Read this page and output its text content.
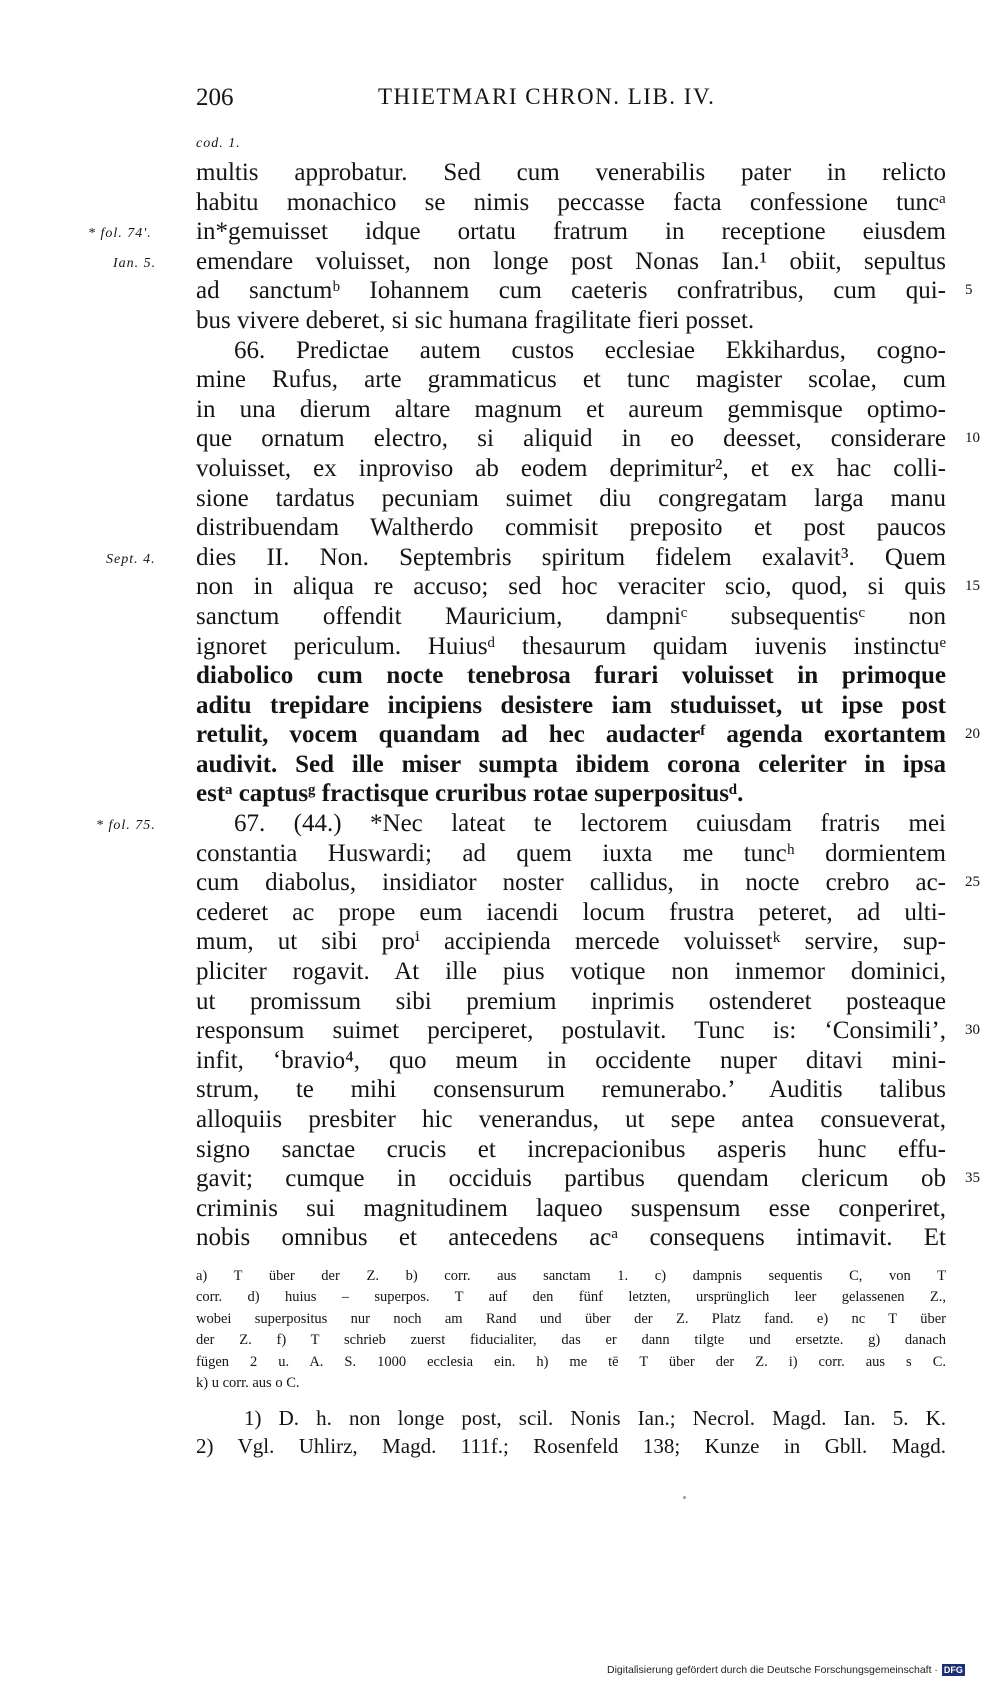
206	THIETMARI CHRON. LIB. IV.
cod. 1.
multis approbatur. Sed cum venerabilis pater in relicto
habitu monachico se nimis peccasse facta confessione tuncᵃ
in*gemuisset idque ortatu fratrum in receptione eiusdem
emendare voluisset, non longe post Nonas Ian.¹ obiit, sepultus
ad sanctumᵇ Iohannem cum caeteris confratribus, cum qui-
bus vivere deberet, si sic humana fragilitate fieri posset.
66. Predictae autem custos ecclesiae Ekkihardus, cogno-
mine Rufus, arte grammaticus et tunc magister scolae, cum
in una dierum altare magnum et aureum gemmisque optimo-
que ornatum electro, si aliquid in eo deesset, considerare
voluisset, ex inproviso ab eodem deprimitur², et ex hac colli-
sione tardatus pecuniam suimet diu congregatam larga manu
distribuendam Waltherdo commisit preposito et post paucos
dies II. Non. Septembris spiritum fidelem exalavit³. Quem
non in aliqua re accuso; sed hoc veraciter scio, quod, si quis
sanctum offendit Mauricium, dampniᶜ subsequentisᶜ non
ignoret periculum. Huiusᵈ thesaurum quidam iuvenis instinctuᵉ
diabolico cum nocte tenebrosa furari voluisset in primoque
aditu trepidare incipiens desistere iam studuisset, ut ipse post
retulit, vocem quandam ad hec audacterᶠ agenda exortantem
audivit. Sed ille miser sumpta ibidem corona celeriter in ipsa
estᵃ captusᵍ fractisque cruribus rotae superpositusᵈ.
67. (44.) *Nec lateat te lectorem cuiusdam fratris mei
constantia Huswardi; ad quem iuxta me tuncʰ dormientem
cum diabolus, insidiator noster callidus, in nocte crebro ac-
cederet ac prope eum iacendi locum frustra peteret, ad ulti-
mum, ut sibi proⁱ accipienda mercede voluissetᵏ servire, sup-
pliciter rogavit. At ille pius votique non inmemor dominici,
ut promissum sibi premium inprimis ostenderet posteaque
responsum suimet perciperet, postulavit. Tunc is: ‘Consimili’,
infit, ‘bravio⁴, quo meum in occidente nuper ditavi mini-
strum, te mihi consensurum remunerabo.’ Auditis talibus
alloquiis presbiter hic venerandus, ut sepe antea consueverat,
signo sanctae crucis et increpacionibus asperis hunc effu-
gavit; cumque in occiduis partibus quendam clericum ob
criminis sui magnitudinem laqueo suspensum esse conperiret,
nobis omnibus et antecedens acᵃ consequens intimavit. Et
5
10
15
20
25
30
35
* fol. 74'.
Ian. 5.
Sept. 4.
* fol. 75.
a) T über der Z. b) corr. aus sanctam 1. c) dampnis sequentis C, von T
corr. d) huius – superpos. T auf den fünf letzten, ursprünglich leer gelassenen Z.,
wobei superpositus nur noch am Rand und über der Z. Platz fand. e) nc T über
der Z. f) T schrieb zuerst fiducialiter, das er dann tilgte und ersetzte. g) danach
fügen 2 u. A. S. 1000 ecclesia ein. h) me tē T über der Z. i) corr. aus s C.
k) u corr. aus o C.
1) D. h. non longe post, scil. Nonis Ian.; Necrol. Magd. Ian. 5. K.
2) Vgl. Uhlirz, Magd. 111f.; Rosenfeld 138; Kunze in Gbll. Magd.
Digitalisierung gefördert durch die Deutsche Forschungsgemeinschaft · DFG
